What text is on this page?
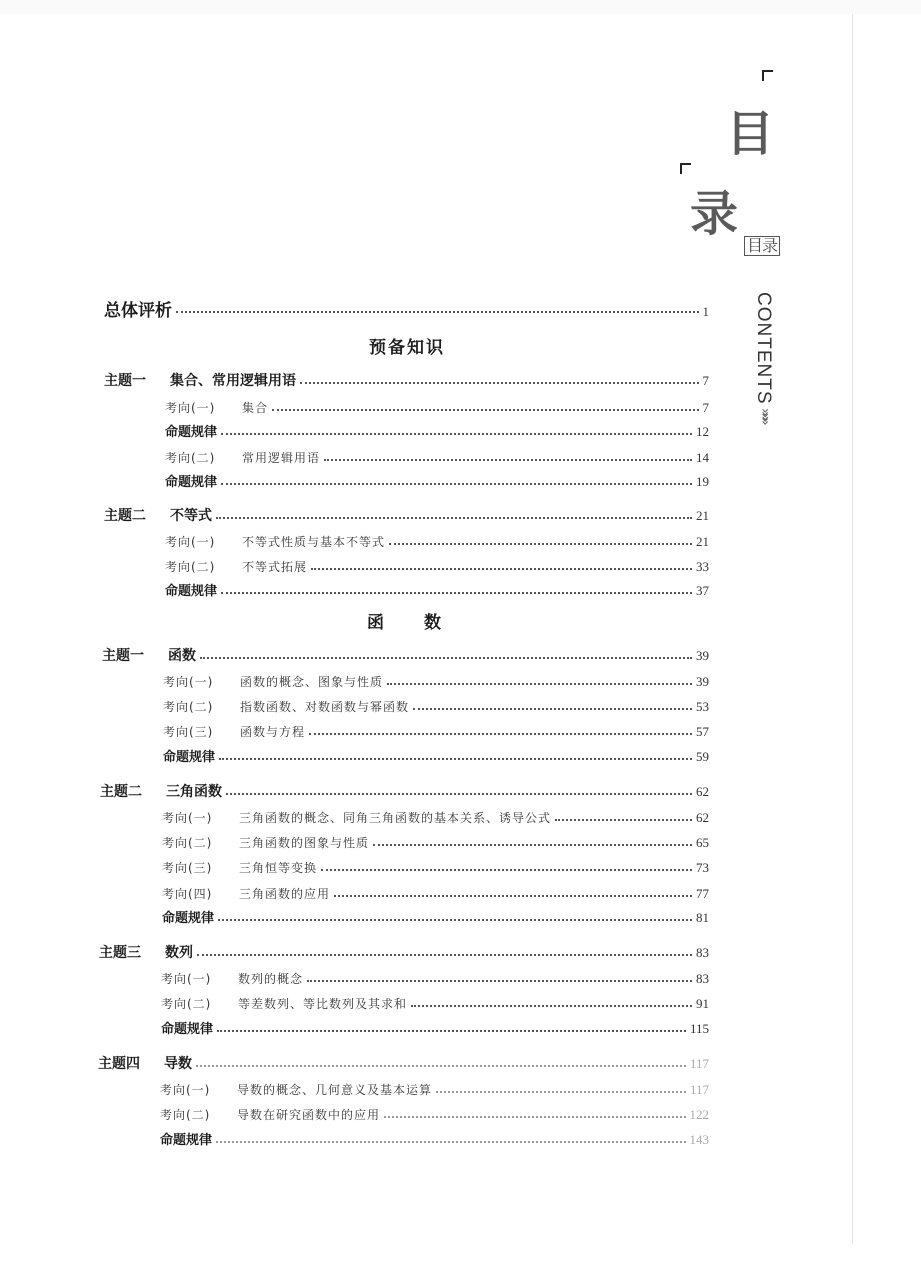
目
录
目录
CONTENTS
»»»
总体评析	1
预备知识
主题一 集合、常用逻辑用语	7
考向(一) 集合	7
命题规律	12
考向(二) 常用逻辑用语	14
命题规律	19
主题二 不等式	21
考向(一) 不等式性质与基本不等式	21
考向(二) 不等式拓展	33
命题规律	37
函　　数
主题一 函数	39
考向(一) 函数的概念、图象与性质	39
考向(二) 指数函数、对数函数与幂函数	53
考向(三) 函数与方程	57
命题规律	59
主题二 三角函数	62
考向(一) 三角函数的概念、同角三角函数的基本关系、诱导公式	62
考向(二) 三角函数的图象与性质	65
考向(三) 三角恒等变换	73
考向(四) 三角函数的应用	77
命题规律	81
主题三 数列	83
考向(一) 数列的概念	83
考向(二) 等差数列、等比数列及其求和	91
命题规律	115
主题四 导数	117
考向(一) 导数的概念、几何意义及基本运算	117
考向(二) 导数在研究函数中的应用	122
命题规律	143
